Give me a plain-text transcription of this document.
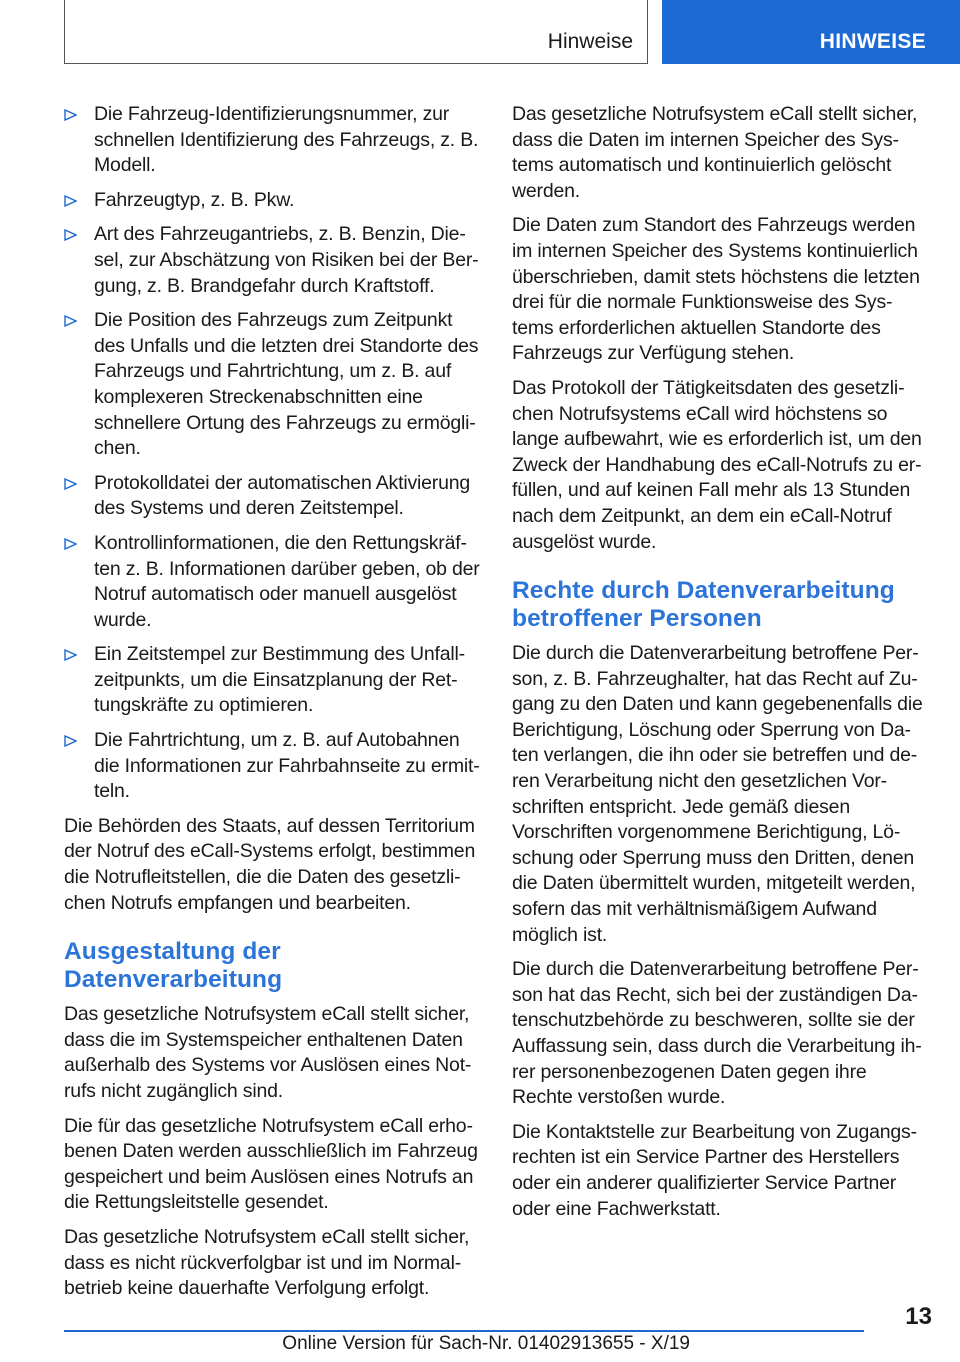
Hinweise	HINWEISE
Die Fahrzeug-Identifizierungsnummer, zur schnellen Identifizierung des Fahrzeugs, z. B. Modell.
Fahrzeugtyp, z. B. Pkw.
Art des Fahrzeugantriebs, z. B. Benzin, Die-sel, zur Abschätzung von Risiken bei der Ber-gung, z. B. Brandgefahr durch Kraftstoff.
Die Position des Fahrzeugs zum Zeitpunkt des Unfalls und die letzten drei Standorte des Fahrzeugs und Fahrtrichtung, um z. B. auf komplexeren Streckenabschnitten eine schnellere Ortung des Fahrzeugs zu ermögli-chen.
Protokolldatei der automatischen Aktivierung des Systems und deren Zeitstempel.
Kontrollinformationen, die den Rettungskräf-ten z. B. Informationen darüber geben, ob der Notruf automatisch oder manuell ausgelöst wurde.
Ein Zeitstempel zur Bestimmung des Unfall-zeitpunkts, um die Einsatzplanung der Ret-tungskräfte zu optimieren.
Die Fahrtrichtung, um z. B. auf Autobahnen die Informationen zur Fahrbahnseite zu ermit-teln.

Die Behörden des Staats, auf dessen Territorium der Notruf des eCall-Systems erfolgt, bestimmen die Notrufleitstellen, die die Daten des gesetzli-chen Notrufs empfangen und bearbeiten.

Ausgestaltung der Datenverarbeitung

Das gesetzliche Notrufsystem eCall stellt sicher, dass die im Systemspeicher enthaltenen Daten außerhalb des Systems vor Auslösen eines Not-rufs nicht zugänglich sind.

Die für das gesetzliche Notrufsystem eCall erho-benen Daten werden ausschließlich im Fahrzeug gespeichert und beim Auslösen eines Notrufs an die Rettungsleitstelle gesendet.

Das gesetzliche Notrufsystem eCall stellt sicher, dass es nicht rückverfolgbar ist und im Normal-betrieb keine dauerhafte Verfolgung erfolgt.

Das gesetzliche Notrufsystem eCall stellt sicher, dass die Daten im internen Speicher des Sys-tems automatisch und kontinuierlich gelöscht werden.

Die Daten zum Standort des Fahrzeugs werden im internen Speicher des Systems kontinuierlich überschrieben, damit stets höchstens die letzten drei für die normale Funktionsweise des Sys-tems erforderlichen aktuellen Standorte des Fahrzeugs zur Verfügung stehen.

Das Protokoll der Tätigkeitsdaten des gesetzli-chen Notrufsystems eCall wird höchstens so lange aufbewahrt, wie es erforderlich ist, um den Zweck der Handhabung des eCall-Notrufs zu er-füllen, und auf keinen Fall mehr als 13 Stunden nach dem Zeitpunkt, an dem ein eCall-Notruf ausgelöst wurde.

Rechte durch Datenverarbeitung betroffener Personen

Die durch die Datenverarbeitung betroffene Per-son, z. B. Fahrzeughalter, hat das Recht auf Zu-gang zu den Daten und kann gegebenenfalls die Berichtigung, Löschung oder Sperrung von Da-ten verlangen, die ihn oder sie betreffen und de-ren Verarbeitung nicht den gesetzlichen Vor-schriften entspricht. Jede gemäß diesen Vorschriften vorgenommene Berichtigung, Lö-schung oder Sperrung muss den Dritten, denen die Daten übermittelt wurden, mitgeteilt werden, sofern das mit verhältnismäßigem Aufwand möglich ist.

Die durch die Datenverarbeitung betroffene Per-son hat das Recht, sich bei der zuständigen Da-tenschutzbehörde zu beschweren, sollte sie der Auffassung sein, dass durch die Verarbeitung ih-rer personenbezogenen Daten gegen ihre Rechte verstoßen wurde.

Die Kontaktstelle zur Bearbeitung von Zugangs-rechten ist ein Service Partner des Herstellers oder ein anderer qualifizierter Service Partner oder eine Fachwerkstatt.

13
Online Version für Sach-Nr. 01402913655 - X/19
